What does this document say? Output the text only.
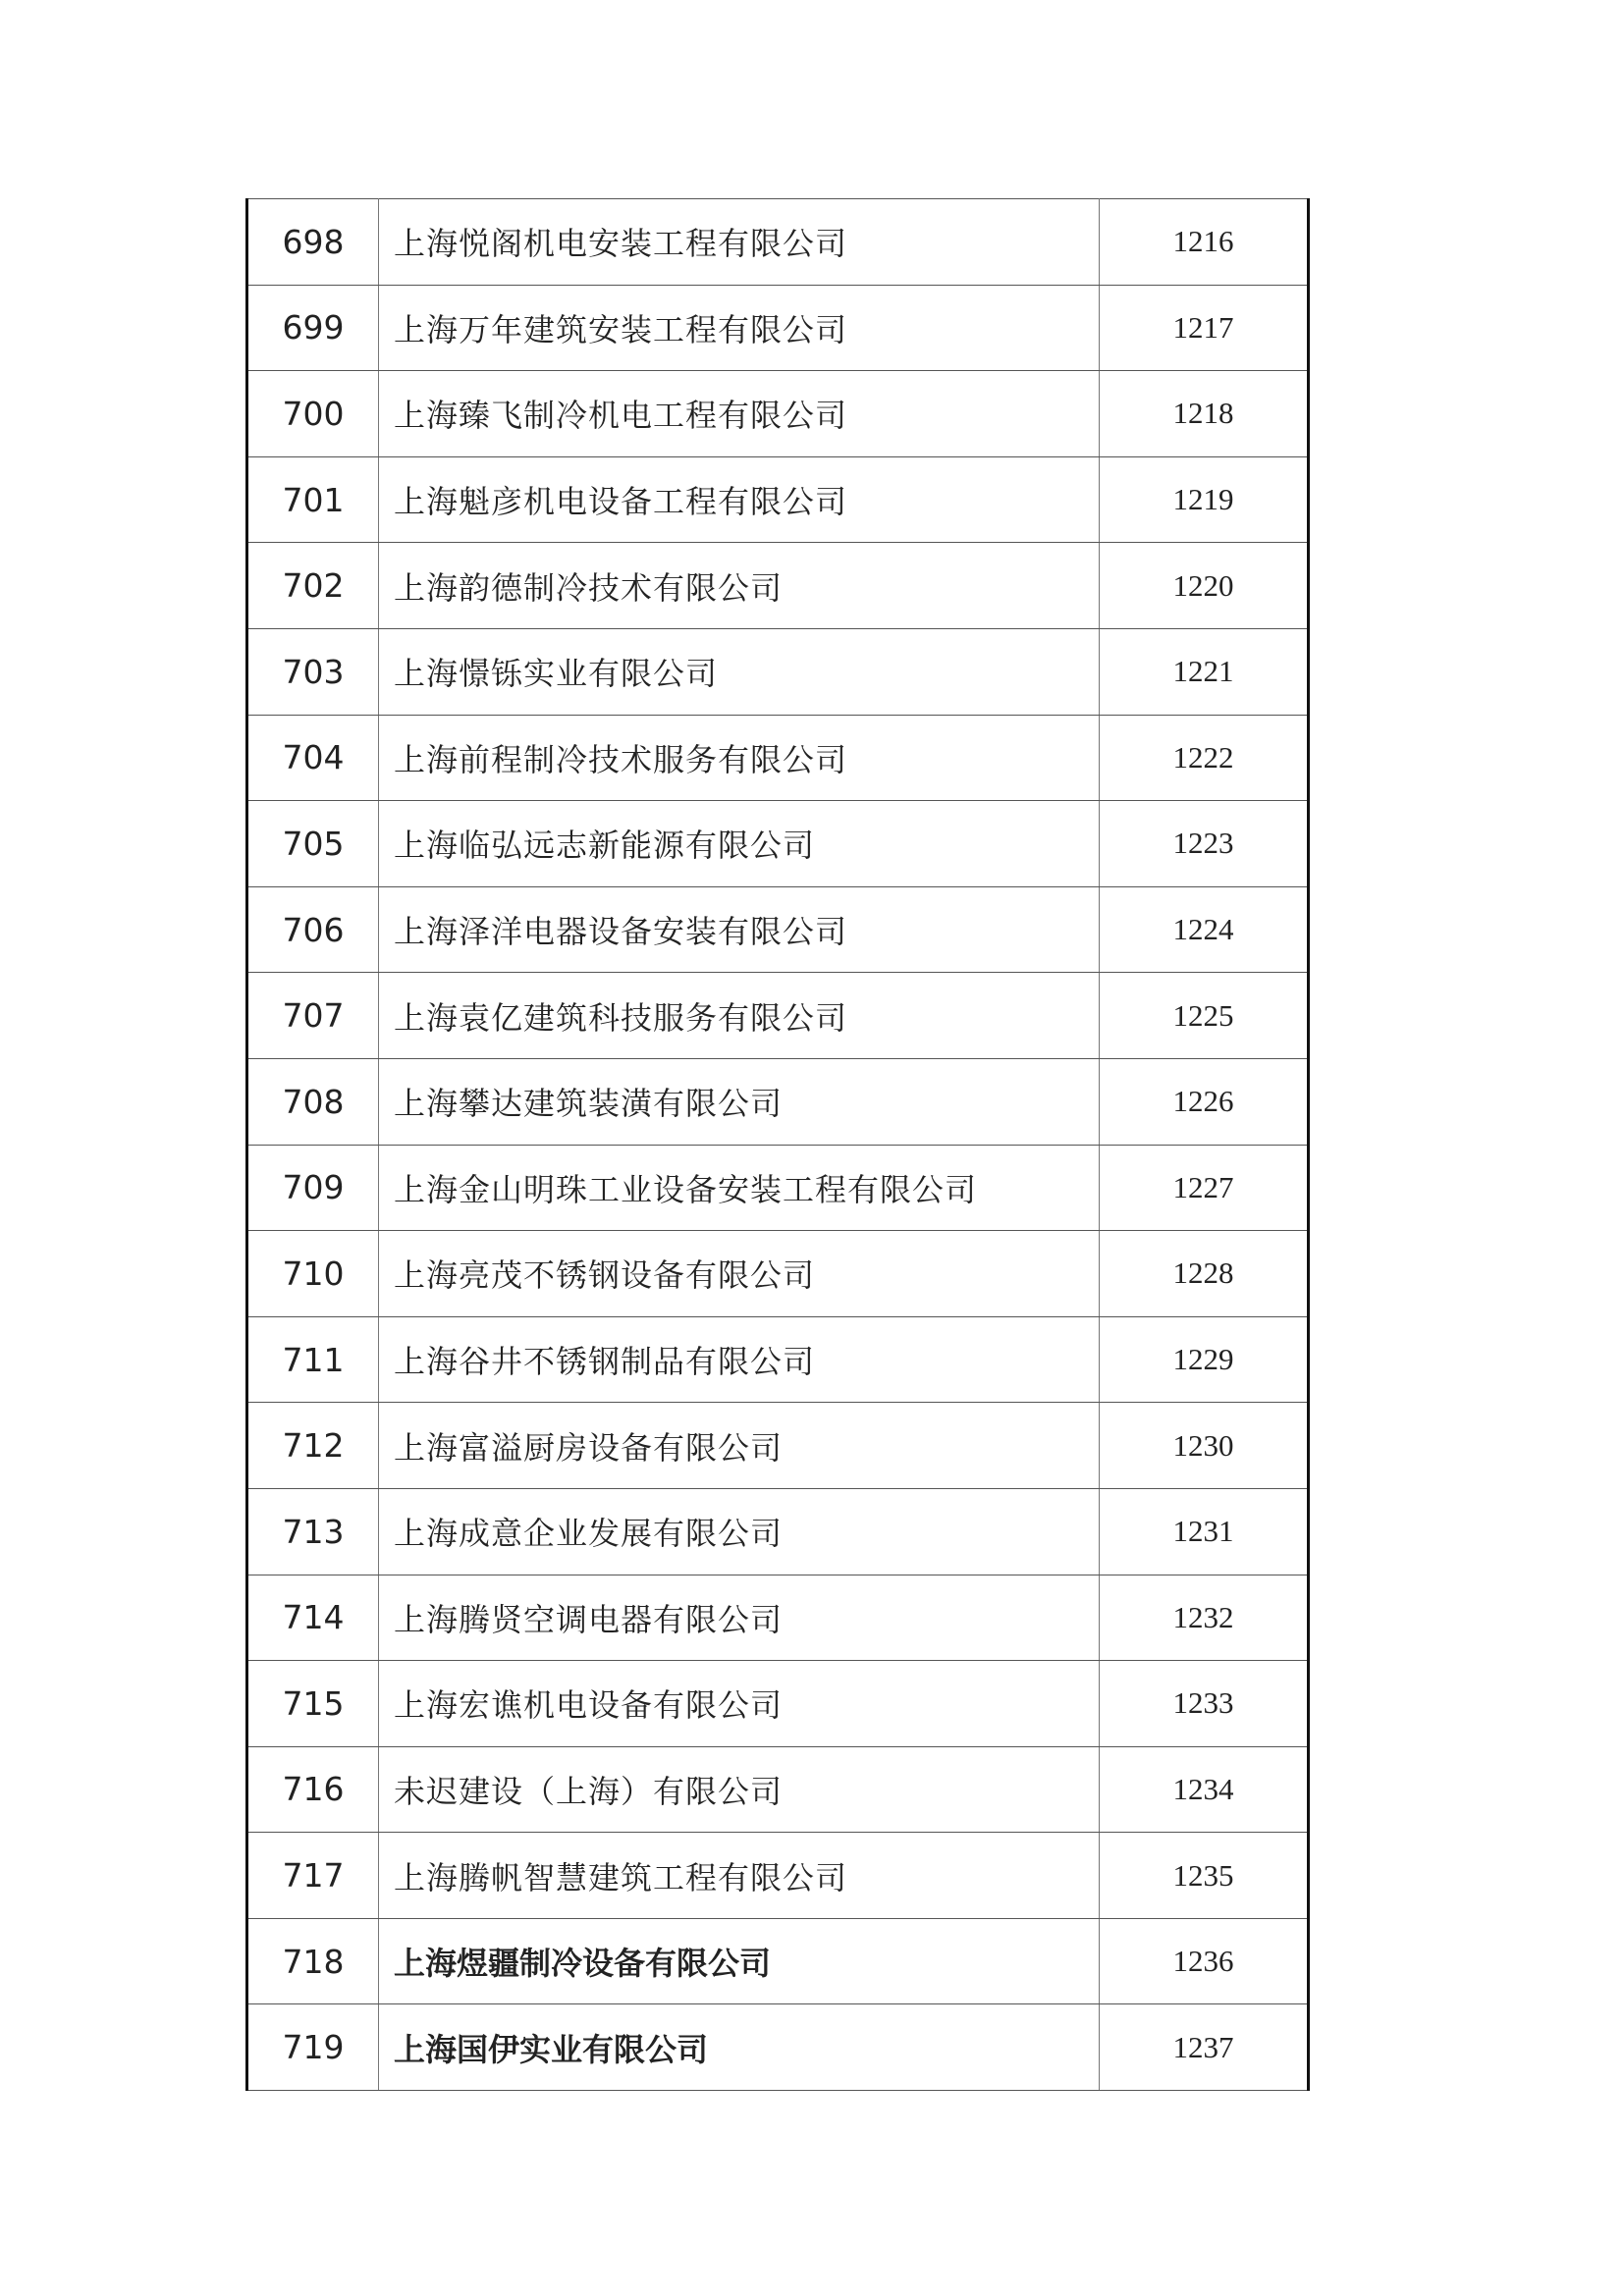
698	上海悦阁机电安装工程有限公司	1216
699	上海万年建筑安装工程有限公司	1217
700	上海臻飞制冷机电工程有限公司	1218
701	上海魁彦机电设备工程有限公司	1219
702	上海韵德制冷技术有限公司	1220
703	上海憬铄实业有限公司	1221
704	上海前程制冷技术服务有限公司	1222
705	上海临弘远志新能源有限公司	1223
706	上海泽洋电器设备安装有限公司	1224
707	上海袁亿建筑科技服务有限公司	1225
708	上海攀达建筑装潢有限公司	1226
709	上海金山明珠工业设备安装工程有限公司	1227
710	上海亮茂不锈钢设备有限公司	1228
711	上海谷井不锈钢制品有限公司	1229
712	上海富溢厨房设备有限公司	1230
713	上海成意企业发展有限公司	1231
714	上海腾贤空调电器有限公司	1232
715	上海宏谯机电设备有限公司	1233
716	未迟建设（上海）有限公司	1234
717	上海腾帆智慧建筑工程有限公司	1235
718	上海煜疆制冷设备有限公司	1236
719	上海国伊实业有限公司	1237
